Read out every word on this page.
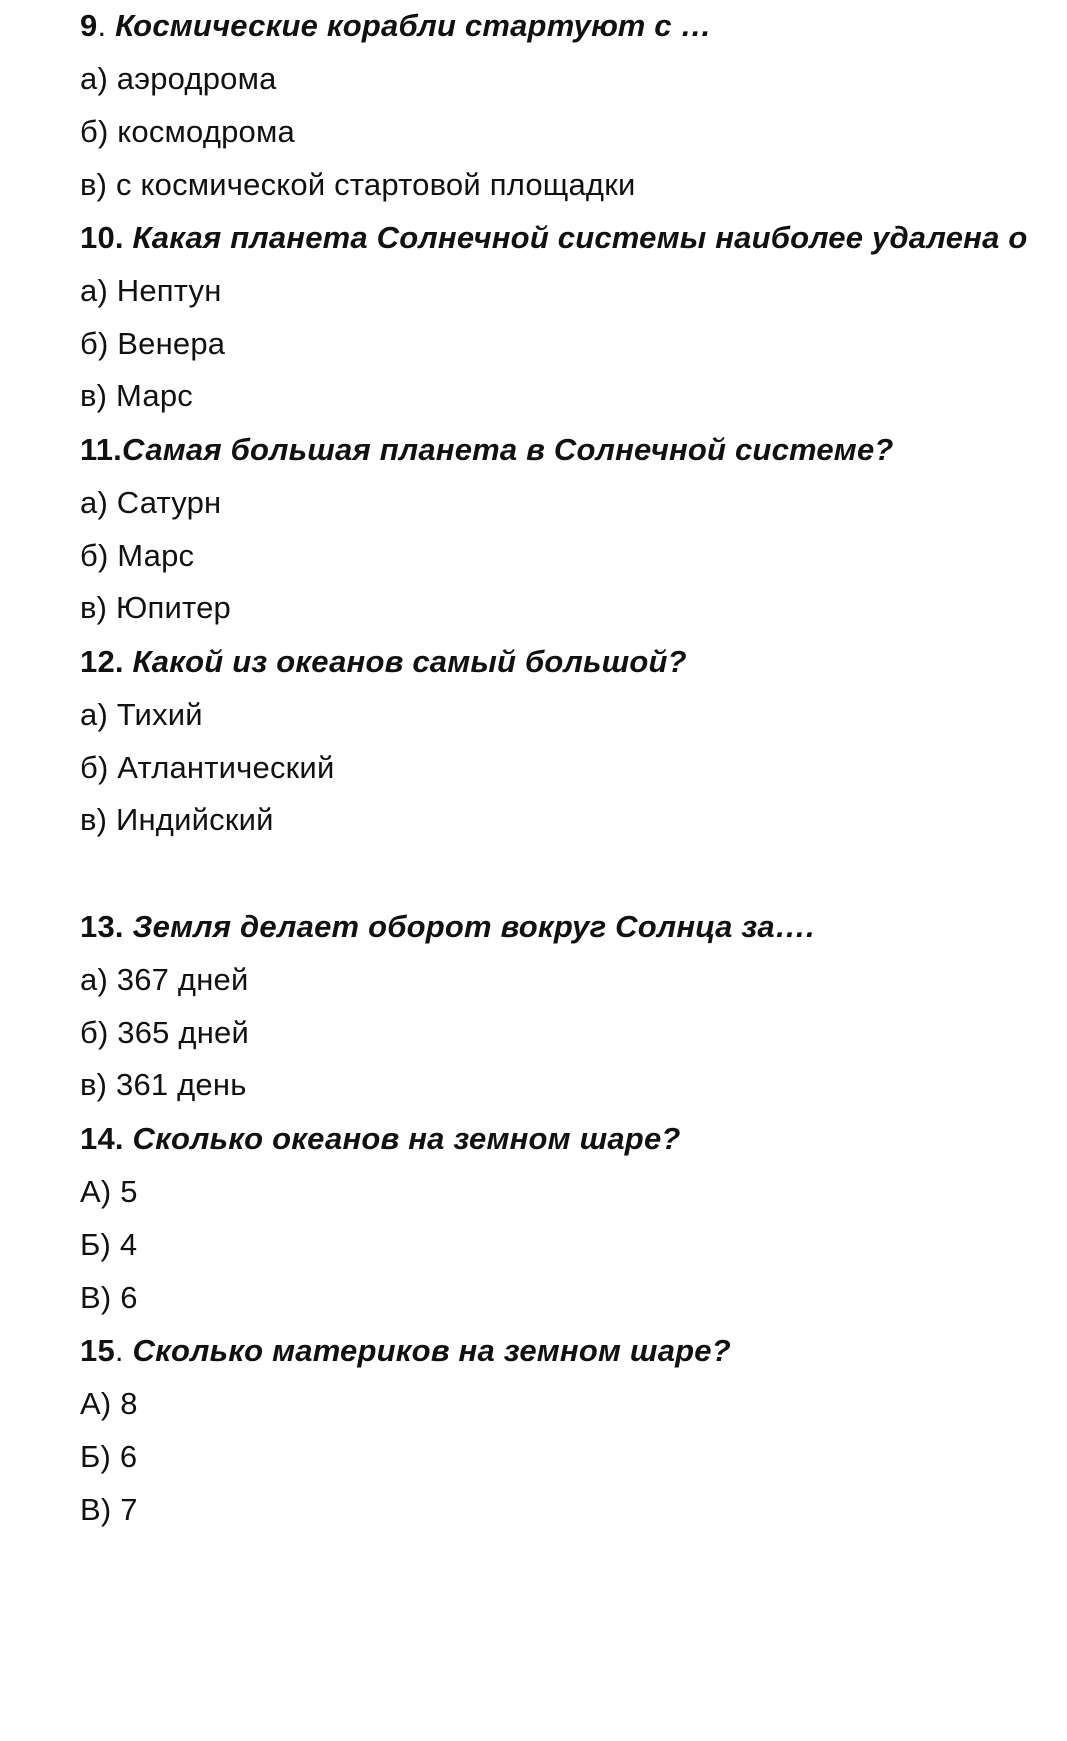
9. Космические корабли стартуют с …
а) аэродрома
б) космодрома
в) с космической стартовой площадки
10. Какая планета Солнечной системы наиболее удалена о
а) Нептун
б) Венера
в) Марс
11.Самая большая планета в Солнечной системе?
а) Сатурн
б) Марс
в) Юпитер
12. Какой из океанов самый большой?
а) Тихий
б) Атлантический
в) Индийский
13. Земля делает оборот вокруг Солнца за….
а) 367 дней
б) 365 дней
в) 361 день
14. Сколько океанов на земном шаре?
А) 5
Б) 4
В) 6
15. Сколько материков на земном шаре?
А) 8
Б) 6
В) 7
